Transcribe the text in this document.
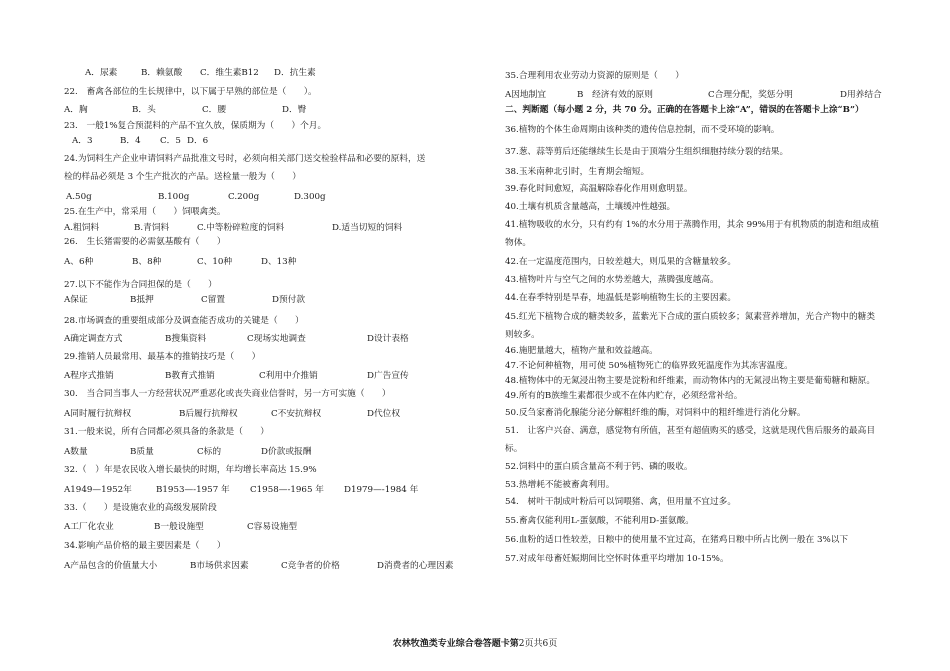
A．尿素	B．赖氨酸 C．维生素B12 D．抗生素
22.　畜禽各部位的生长规律中，以下属于早熟的部位是（　　）。
A．胸	B．头	C．腰	D．臀
23.　一般1%复合预混料的产品不宜久放，保质期为（　　）个月。
A．3	B．4 C．5 D．6
24.为饲料生产企业申请饲料产品批准文号时，必须向相关部门送交检验样品和必要的原料，送
检的样品必须是 3 个生产批次的产品。送检量一般为（　　）
A.50g	B.100g	C.200g	D.300g
25.在生产中，常采用（　　）饲喂禽类。
A.粗饲料	B.青饲料	C.中等粉碎粒度的饲料	D.适当切短的饲料
26.　生长猪需要的必需氨基酸有（　　）
A、6种	B、8种	C、10种	D、13种
27.以下不能作为合同担保的是（　　）
A保证	B抵押	C留置	D预付款
28.市场调查的重要组成部分及调查能否成功的关键是（　　）
A确定调查方式	B搜集资料	C现场实地调查	D设计表格
29.推销人员最常用、最基本的推销技巧是（　　）
A程序式推销	B教育式推销	C利用中介推销	D广告宣传
30.　当合同当事人一方经营状况严重恶化或丧失商业信誉时，另一方可实施（　　）
A同时履行抗辩权	B后履行抗辩权	C不安抗辩权	D代位权
31.一般来说，所有合同都必须具备的条款是（　　）
A数量	B质量	C标的	D价款或报酬
32.（　）年是农民收入增长最快的时期，年均增长率高达 15.9%
A1949—1952年	B1953—-1957 年 C1958—-1965 年 D1979—-1984 年
33.（　　）是设施农业的高级发展阶段
A工厂化农业	B一般设施型	C容易设施型
34.影响产品价格的最主要因素是（　　）
A产品包含的价值量大小	B市场供求因素	C竞争者的价格	D消费者的心理因素
35.合理利用农业劳动力资源的原则是（　　）
A因地制宜	B　经济有效的原则	C合理分配，奖惩分明	D用养结合
二、判断题（每小题 2 分，共 70 分。正确的在答题卡上涂“A”，错误的在答题卡上涂“B”）
36.植物的个体生命周期由该种类的遗传信息控制，而不受环境的影响。
37.葱、蒜等剪后还能继续生长是由于顶端分生组织细胞持续分裂的结果。
38.玉米南种北引时，生育期会缩短。
39.春化时间愈短，高温解除春化作用则愈明显。
40.土壤有机质含量越高，土壤缓冲性越强。
41.植物吸收的水分，只有约有 1%的水分用于蒸腾作用，其余 99%用于有机物质的制造和组成植
物体。
42.在一定温度范围内，日较差越大，则瓜果的含糖量较多。
43.植物叶片与空气之间的水势差越大，蒸腾强度越高。
44.在春季特别是旱春，地温低是影响植物生长的主要因素。
45.红光下植物合成的糖类较多，蓝紫光下合成的蛋白质较多；氮素营养增加，光合产物中的糖类
则较多。
46.施肥量越大，植物产量和效益越高。
47.不论何种植物，用可使 50%植物死亡的临界致死温度作为其冻害温度。
48.植物体中的无氮浸出物主要是淀粉和纤维素，而动物体内的无氮浸出物主要是葡萄糖和糖原。
49.所有的B族维生素都很少或不在体内贮存，必须经常补给。
50.反刍家畜消化腺能分泌分解粗纤维的酶，对饲料中的粗纤维进行消化分解。
51.　让客户兴奋、满意，感觉物有所值，甚至有超值购买的感受，这就是现代售后服务的最高目
标。
52.饲料中的蛋白质含量高不利于钙、磷的吸收。
53.热增耗不能被畜禽利用。
54.　树叶干制成叶粉后可以饲喂猪、禽，但用量不宜过多。
55.畜禽仅能利用L-蛋氨酸，不能利用D-蛋氨酸。
56.血粉的适口性较差，日粮中的使用量不宜过高，在猪鸡日粮中所占比例一般在 3%以下
57.对成年母畜妊娠期间比空怀时体重平均增加 10-15%。
农林牧渔类专业综合卷答题卡第2页共6页
